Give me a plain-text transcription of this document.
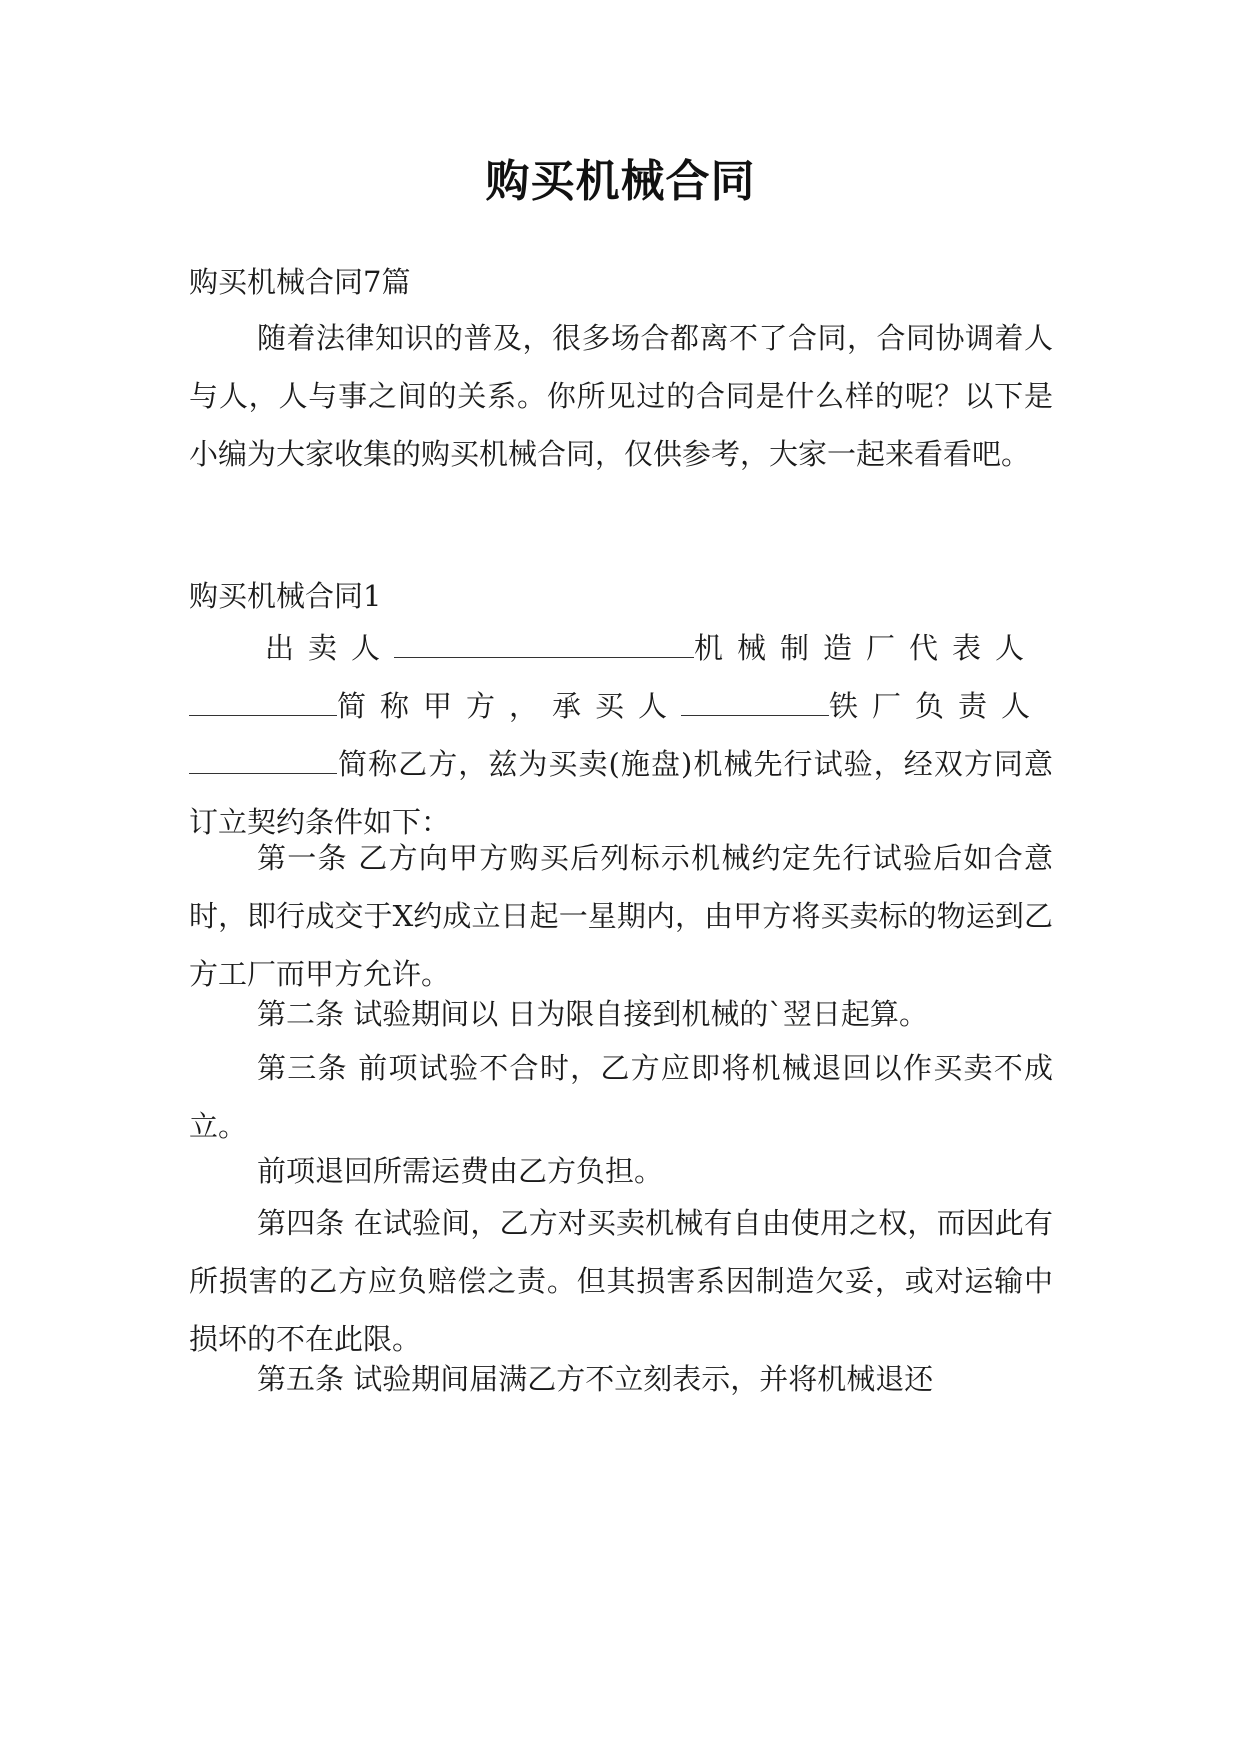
购买机械合同

购买机械合同7篇

随着法律知识的普及，很多场合都离不了合同，合同协调着人与人，人与事之间的关系。你所见过的合同是什么样的呢？以下是小编为大家收集的购买机械合同，仅供参考，大家一起来看看吧。

购买机械合同1

出卖人	机械制造厂代表人
简称甲方，承买人	铁厂负责人
简称乙方，兹为买卖(施盘)机械先行试验，经双方同意订立契约条件如下：

第一条 乙方向甲方购买后列标示机械约定先行试验后如合意时，即行成交于X约成立日起一星期内，由甲方将买卖标的物运到乙方工厂而甲方允许。

第二条 试验期间以 日为限自接到机械的`翌日起算。

第三条 前项试验不合时，乙方应即将机械退回以作买卖不成立。

前项退回所需运费由乙方负担。

第四条 在试验间，乙方对买卖机械有自由使用之权，而因此有所损害的乙方应负赔偿之责。但其损害系因制造欠妥，或对运输中损坏的不在此限。

第五条 试验期间届满乙方不立刻表示，并将机械退还
